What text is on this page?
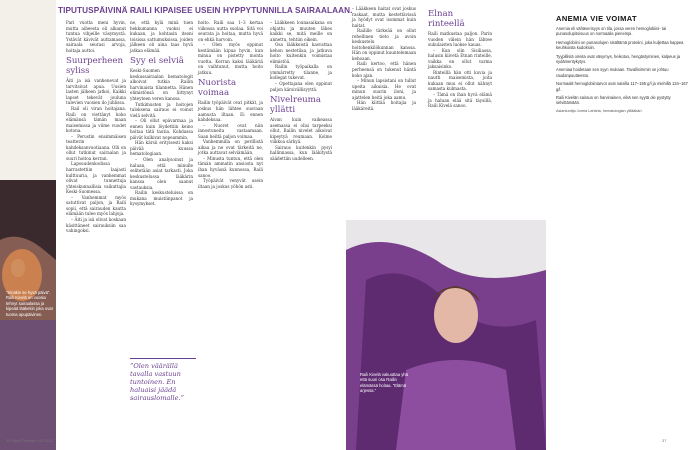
”Sinäkin se hyvä päivä”. Raili Kivelä on vuosia tehnyt sairaalassa ja kipeää lääkekin joka ovat tuoma apupäivinen.
TIPUTUSPÄIVINÄ RAILI KIPAISEE USEIN HYPPYTUNNILLA SAIRAALAAN.

Pari vuotta meni hyvin, mutta aiheesta oli alkanut tuntua vihjeille väsymystä. Ystävät kävivät auttamassa, sairaala seurasi arvoja, hoitaja auttoi.

Suurperheen syliss

Äiti ja isä vanhenevat ja tarvitsivat apua. Uusien lasten jälkeen jatkoi, Kaikki lapset tekevät jouluna tulevien vuosien ilo juhlissa.

Rail oli viran hoitajana. Raili on viettänyt koko elämänsä tämän maan maisemissa ja viime vuodet kotona.

– Perustin ensimmäisen teatterin kahdeksanvuotiaana. Olli on ollut tutkinut sairaalan ja suuri hoitoa kerran.

Lapsuudenkodissa harrastettiin laajasti kulttuuria, ja vanhemmat olivat tunnettuja yhteiskunnallisia vaikuttajia Keski-Suomessa.

– Vanhemmat myös satuttivat paljon, ja Raili sopii, että sairauden kautta elämään tulee myös lahjoja.

– Äiti ja isä olivat koskaan käsittäneet sairauksiin saa vahingoksi.

ne, että kylä minä tuen hekkumanna vuoksi ei kukaan, ja kohtasin itseni toisissa sattumuksissa, joiden jälkeen oli aina taas hyvä jatkaa elämää.

Syy ei selviä

Keski-Suomen keskussairaalan hematologit alkoivat tutkia Railin harvinaista tilannetta. Hänen elimistönsä on liittynyt yhteyteen veren kanssa.

Tutkimusten ja hoitojen tuloksena sairaus ei voinut vielä selvitä.

– Oli ollut epävarmaa ja ennen kuin löydettiin keino hoitaa tätä tautia. Kohdassa päivät kulkivat nopeammin.

Hän kärsii erityisesti kaksi päivää kuussa hematologiaan.

– Olen analysoinut ja haluan, että minulle selitetään asiat tarkasti. Joka keskustelussa lääkärin kanssa olen saanut vastauksia.

Railin keskusteluissa on mukana muistiinpanot ja kysymykset.

”Olen väärällä tavalla vastuun tuntoinen. En haluaisi jäädä sairauslomalle.”

hoito. Raili saa 1–3 kertaa viikossa uutta suolaa. Sitä voi seurata ja hoitaa, mutta hyvä on ehkä harvoin.

– Olen myös oppinut kestämään kipua hyvin, kun minua on pistetty monta vuotta. Kerran kaksi lääkäriä on vaihtunut, mutta hoito jatkuu.

Nuorista voimaa

Railin työpäivät ovat pitkät, ja joskus hän lähtee suoraan aamusta iltaan. Ei ennen kahdeksaa.

– Nuoret ovat niin innostuneita vastaamaan. Saan heiltä paljon voimaa.

Vanhemmilla on perillistä aikaa ja ne ovat tärkeitä ne, jotka auttavat selviämään.

– Minusta tuntuu, että olen tämän ammatin ansiosta nyt ihan hyvässä kunnossa, Raili sanoo.

Työpäivät venyvät usein iltaan ja joskus yöhön asti.

– Lääkkeen lounasaikana on ohjattu ja muuten lähes kaikki se, mitä meille on annettu, tehtiin oikein.

Osa lääkkeistä kasvattaa kehon nestetilaa, ja jatkuva hoito kuitenkin voimistaa elimistöä.

Railin työpaikalla on ymmärretty tilanne, ja kollegat tukevat.

– Opettajana olen oppinut paljon kärsivällisyyttä.

Nivelreuma yllätti

Aivan kuin vaikeassa asemassa ei olisi tarpeeksi ollut, Railin nivelet alkoivat kipeytyä reumaan. Kolme viikkoa särkyä.

Sairaus kuitenkin pysyi hallinnassa, kun lääkitystä säädettiin uudelleen.

36 Hyvä Terveys / 4 / 2012

– Lääkkeen haitat ovat joskus raskaat, mutta kestettävissä ja hyödyt ovat isommat kuin haitat.

Railille tärkeää on ollut rehellinen tieto ja avoin keskustelu hoitohenkilökunnan kanssa. Hän on oppinut kuuntelemaan kehoaan.

Raili kertoo, että hänen perheensä on tukenut häntä koko ajan.

– Minun lapsistani on tullut upeita aikuisia. He ovat minun suurin iloni, ja ajattelen heitä joka aamu.

Hän kiittää hoitajia ja lääkäreitä.

Elnan rinteellä

Raili matkustaa paljon. Parin vuoden välein hän lähtee sukulaisten luokse kauas.

– Kun olin Sisiliassa, halusin kiivetä Etnan rinteille, vaikka en ollut varma jaksaisinko.

Rinteillä hän otti kuvia ja nautti maisemista, joita kukaan muu ei ollut nähnyt samasta kulmasta.

– Tämä on ihan hyvä elämä ja haluan elää sitä täysillä, Raili Kivelä sanoo.

Raili Kivelä vakuuttaa yhä että suuri osa Railin elämässä hoitaa. ”Elämä arjessa.”
ANEMIA VIE VOIMAT

Anemia eli vähäverisyys on tila, jossa veren hemoglobiini- tai punasolupitoisuus on normaalia pienempi.

Hemoglobiini on punasolujen sisältämä proteiini, joka kuljettaa happea keuhkoista kudoksiin.

Tyypillisiä oireita ovat väsymys, heikotus, hengästyminen, kalpeus ja sydämentykytys.

Anemiaa hoidetaan sen syyn mukaan. Tavallisimmin se johtuu raudanpuutteesta.

Normaalit hemoglobiiniarvot ovat naisilla 117–155 g/l ja miehillä 134–167 g/l.

Raili Kivelän sairaus on harvinainen, eikä sen syytä ole pystytty selvittämään.

Asiantuntija Jorma Lahtela, hematologian ylilääkäri.

37
